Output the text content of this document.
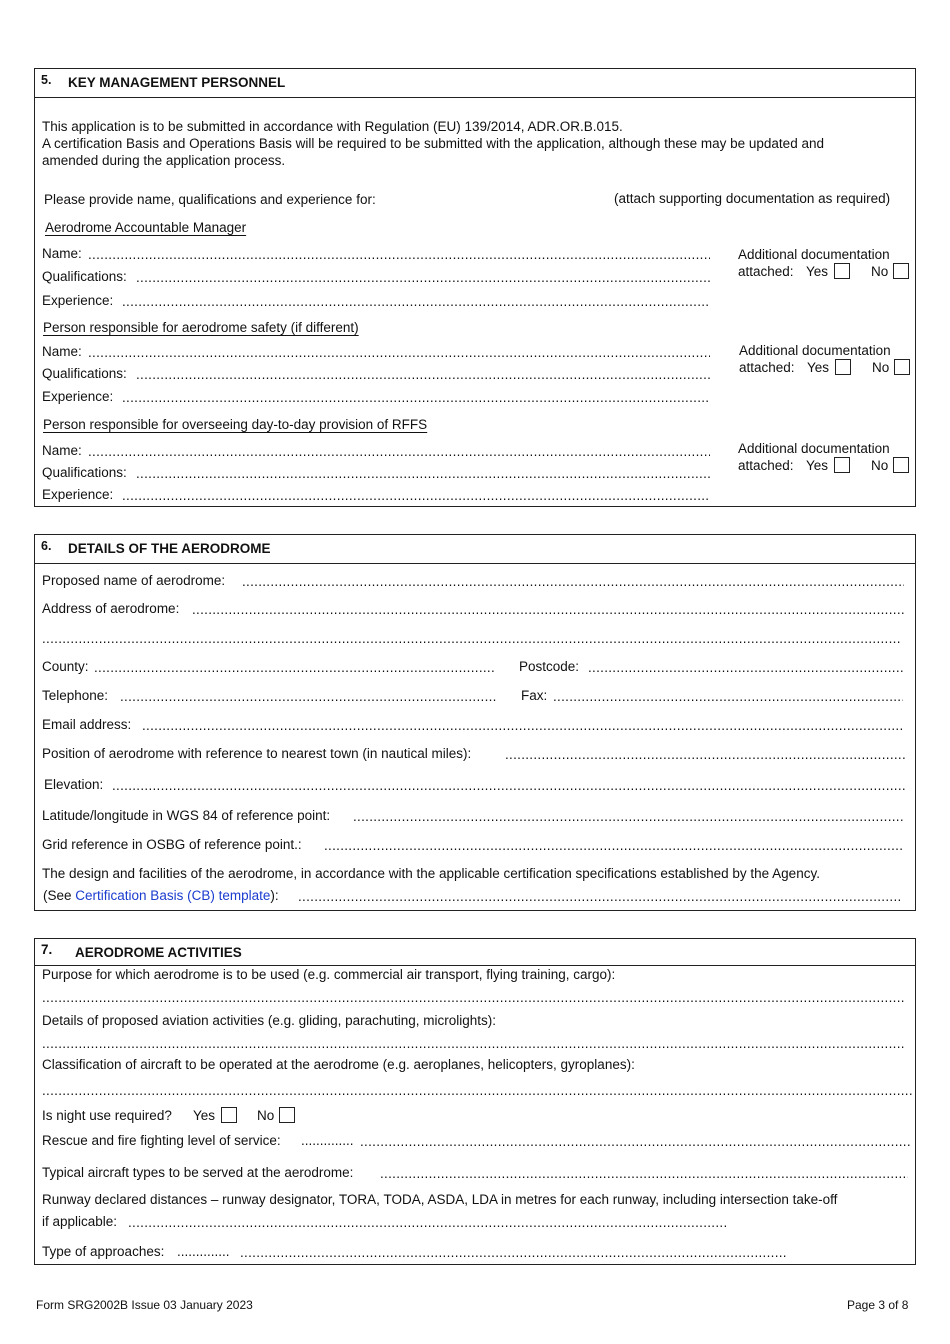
5. KEY MANAGEMENT PERSONNEL
This application is to be submitted in accordance with Regulation (EU) 139/2014, ADR.OR.B.015.
A certification Basis and Operations Basis will be required to be submitted with the application, although these may be updated and
amended during the application process.
Please provide name, qualifications and experience for:	(attach supporting documentation as required)
Aerodrome Accountable Manager
Name:
.....
Qualifications:
.....
Experience:
.....
Additional documentation
attached: Yes	No
Person responsible for aerodrome safety (if different)
Name:
.....
Qualifications:
.....
Experience:
.....
Additional documentation
attached: Yes	No
Person responsible for overseeing day-to-day provision of RFFS
Name:
.....
Qualifications:
.....
Experience:
.....
Additional documentation
attached: Yes	No
6. DETAILS OF THE AERODROME
Proposed name of aerodrome:
.....
Address of aerodrome:
.....
.....
County: .....	Postcode:
.....
Telephone: .....	Fax:
.....
Email address:
.....
Position of aerodrome with reference to nearest town (in nautical miles):
.....
Elevation:
.....
Latitude/longitude in WGS 84 of reference point:
.....
Grid reference in OSBG of reference point.:
.....
The design and facilities of the aerodrome, in accordance with the applicable certification specifications established by the Agency.
(See Certification Basis (CB) template):
.....
7. AERODROME ACTIVITIES
Purpose for which aerodrome is to be used (e.g. commercial air transport, flying training, cargo):
.....
Details of proposed aviation activities (e.g. gliding, parachuting, microlights):
.....
Classification of aircraft to be operated at the aerodrome (e.g. aeroplanes, helicopters, gyroplanes):
.....
Is night use required? Yes	No
Rescue and fire fighting level of service: ..............
.....
Typical aircraft types to be served at the aerodrome:
.....
Runway declared distances – runway designator, TORA, TODA, ASDA, LDA in metres for each runway, including intersection take-off
if applicable:
.....
Type of approaches: ..............
.....
Form SRG2002B Issue 03 January 2023	Page 3 of 8
